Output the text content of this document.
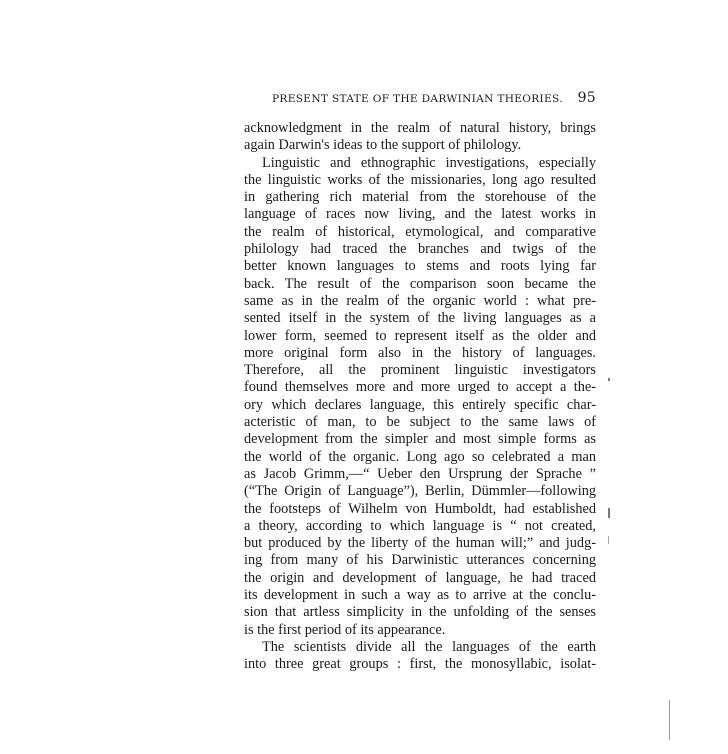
PRESENT STATE OF THE DARWINIAN THEORIES. 95
acknowledgment in the realm of natural history, brings
again Darwin's ideas to the support of philology.
Linguistic and ethnographic investigations, especially
the linguistic works of the missionaries, long ago resulted
in gathering rich material from the storehouse of the
language of races now living, and the latest works in
the realm of historical, etymological, and comparative
philology had traced the branches and twigs of the
better known languages to stems and roots lying far
back. The result of the comparison soon became the
same as in the realm of the organic world : what pre-
sented itself in the system of the living languages as a
lower form, seemed to represent itself as the older and
more original form also in the history of languages.
Therefore, all the prominent linguistic investigators
found themselves more and more urged to accept a the-
ory which declares language, this entirely specific char-
acteristic of man, to be subject to the same laws of
development from the simpler and most simple forms as
the world of the organic. Long ago so celebrated a man
as Jacob Grimm,—“ Ueber den Ursprung der Sprache ”
(“The Origin of Language”), Berlin, Dümmler—following
the footsteps of Wilhelm von Humboldt, had established
a theory, according to which language is “ not created,
but produced by the liberty of the human will;” and judg-
ing from many of his Darwinistic utterances concerning
the origin and development of language, he had traced
its development in such a way as to arrive at the conclu-
sion that artless simplicity in the unfolding of the senses
is the first period of its appearance.
The scientists divide all the languages of the earth
into three great groups : first, the monosyllabic, isolat-
